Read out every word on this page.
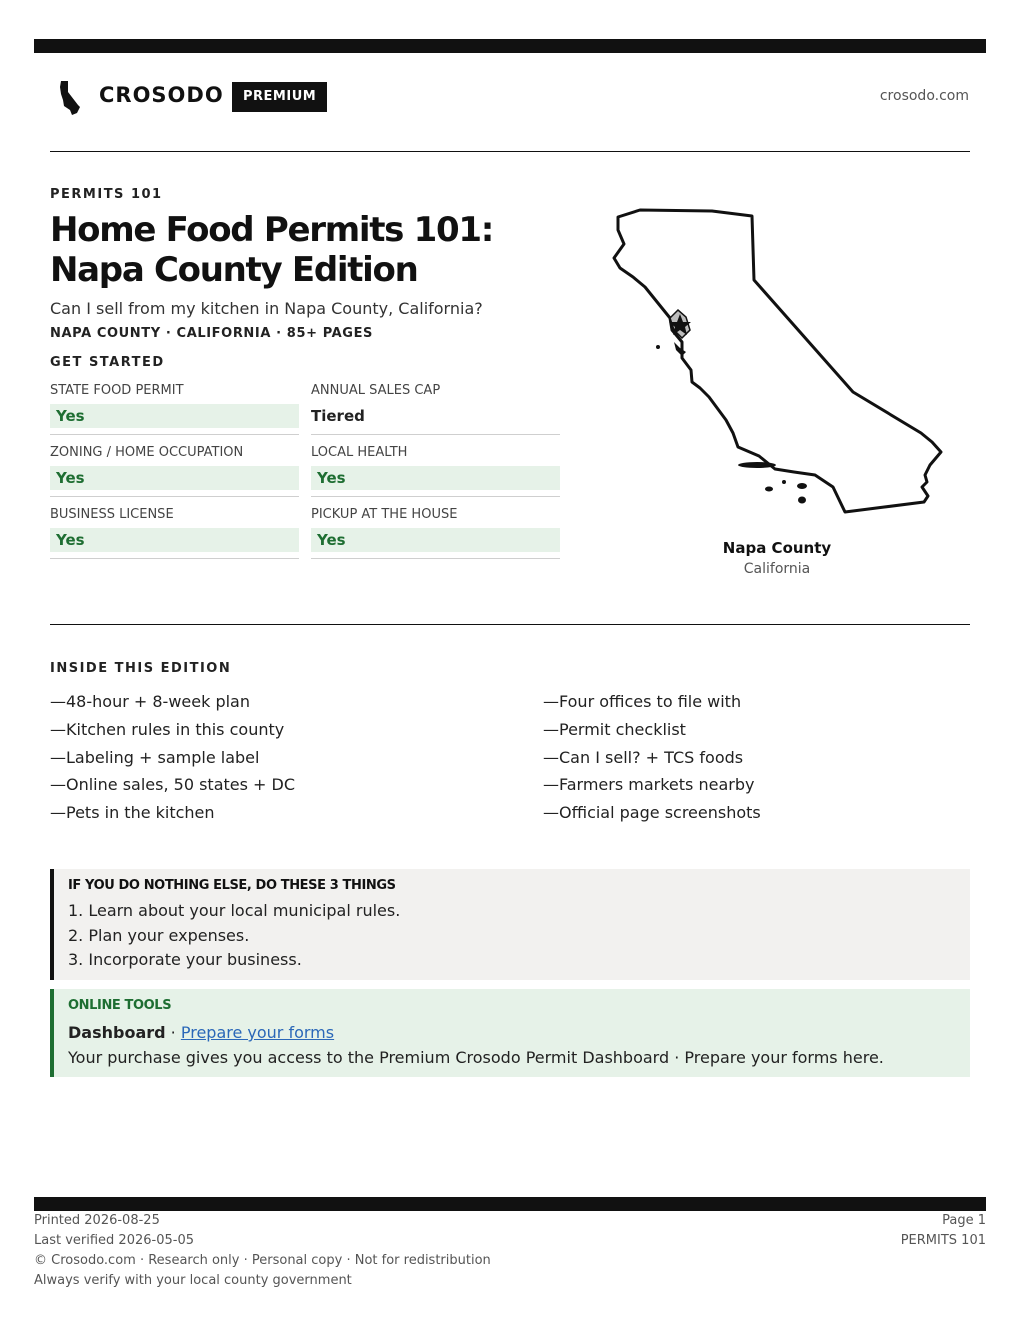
CROSODO	PREMIUM	crosodo.com
PERMITS 101
Home Food Permits 101: Napa County Edition
Can I sell from my kitchen in Napa County, California?
NAPA COUNTY · CALIFORNIA · 85+ PAGES
GET STARTED
STATE FOOD PERMIT
Yes
ANNUAL SALES CAP
Tiered
ZONING / HOME OCCUPATION
Yes
LOCAL HEALTH
Yes
BUSINESS LICENSE
Yes
PICKUP AT THE HOUSE
Yes	Napa County
California
INSIDE THIS EDITION
—48-hour + 8-week plan
—Kitchen rules in this county
—Labeling + sample label
—Online sales, 50 states + DC
—Pets in the kitchen
—Four offices to file with
—Permit checklist
—Can I sell? + TCS foods
—Farmers markets nearby
—Official page screenshots
IF YOU DO NOTHING ELSE, DO THESE 3 THINGS
1. Learn about your local municipal rules.
2. Plan your expenses.
3. Incorporate your business.
ONLINE TOOLS
Dashboard · Prepare your forms
Your purchase gives you access to the Premium Crosodo Permit Dashboard · Prepare your forms here.
Printed 2026-08-25
Last verified 2026-05-05
© Crosodo.com · Research only · Personal copy · Not for redistribution
Always verify with your local county government
Page 1
PERMITS 101
